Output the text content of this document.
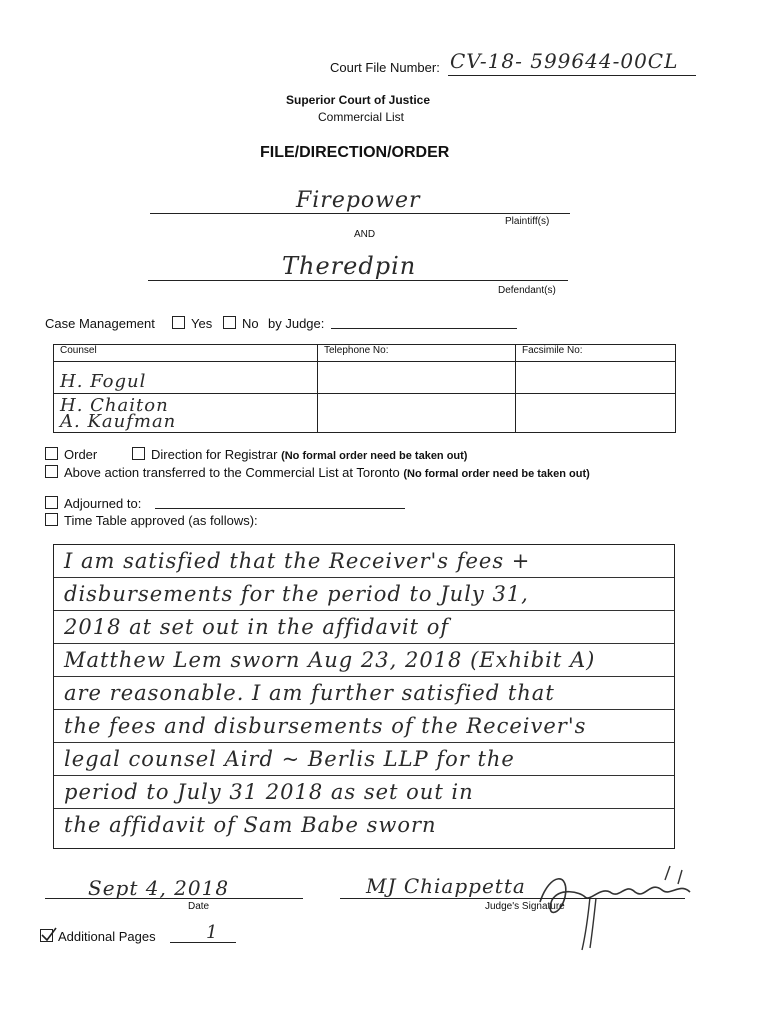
Court File Number: CV-18- 599644-00CL
Superior Court of Justice
Commercial List
FILE/DIRECTION/ORDER
Firepower
Plaintiff(s)
AND
Theredpin
Defendant(s)
Case Management	Yes No by Judge:
Counsel	Telephone No:	Facsimile No:

H. Fogul
H. Chaiton
A. Kaufman		

Order	Direction for Registrar (No formal order need be taken out)
Above action transferred to the Commercial List at Toronto (No formal order need be taken out)
Adjourned to:
Time Table approved (as follows):
I am satisfied that the Receiver's fees +
disbursements for the period to July 31,
2018 at set out in the affidavit of
Matthew Lem sworn Aug 23, 2018 (Exhibit A)
are reasonable. I am further satisfied that
the fees and disbursements of the Receiver's
legal counsel Aird ~ Berlis LLP for the
period to July 31 2018 as set out in
the affidavit of Sam Babe sworn
Sept 4, 2018
Date
MJ Chiappetta
Judge's Signature
Additional Pages	1
